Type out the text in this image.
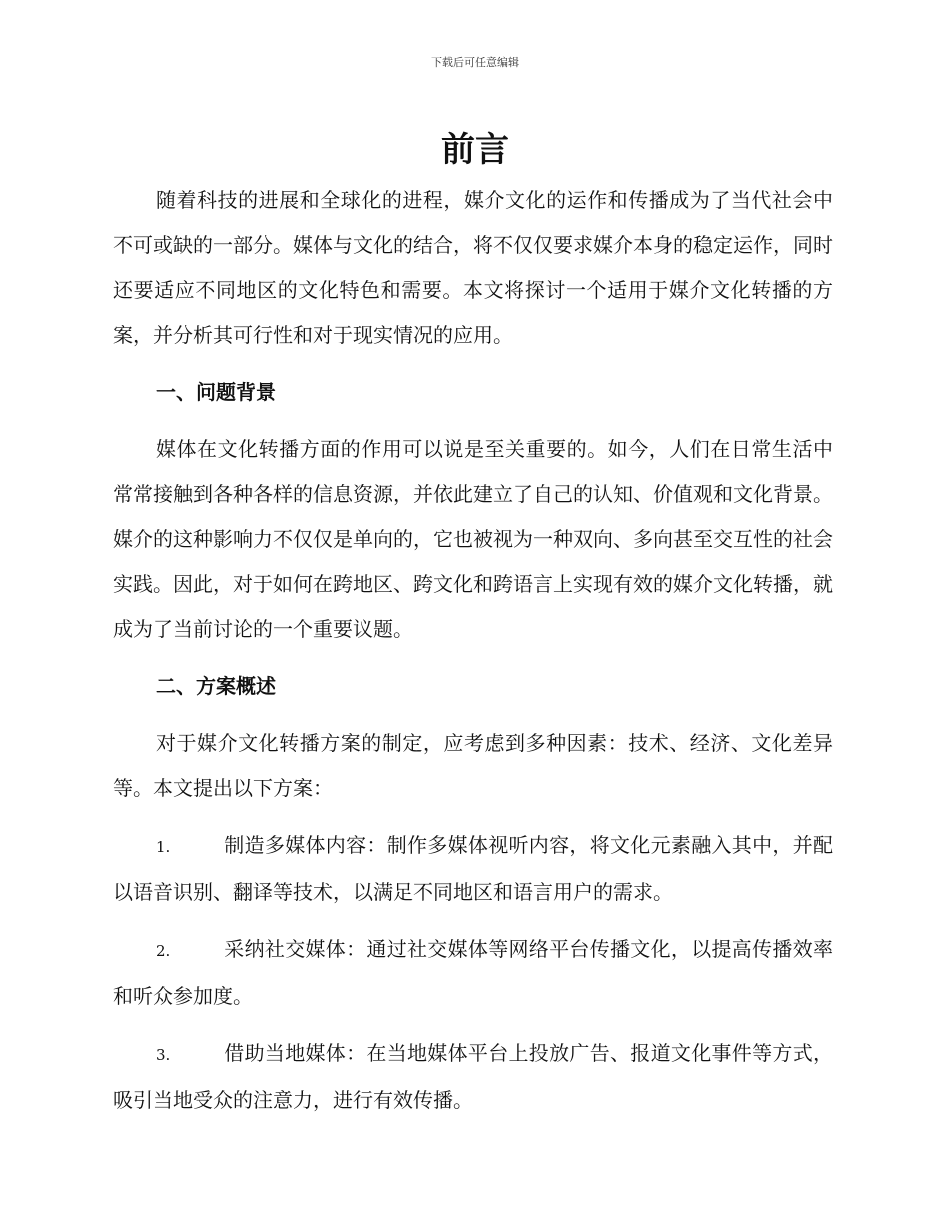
下载后可任意编辑
前言

随着科技的进展和全球化的进程，媒介文化的运作和传播成为了当代社会中不可或缺的一部分。媒体与文化的结合，将不仅仅要求媒介本身的稳定运作，同时还要适应不同地区的文化特色和需要。本文将探讨一个适用于媒介文化转播的方案，并分析其可行性和对于现实情况的应用。

一、问题背景

媒体在文化转播方面的作用可以说是至关重要的。如今，人们在日常生活中常常接触到各种各样的信息资源，并依此建立了自己的认知、价值观和文化背景。媒介的这种影响力不仅仅是单向的，它也被视为一种双向、多向甚至交互性的社会实践。因此，对于如何在跨地区、跨文化和跨语言上实现有效的媒介文化转播，就成为了当前讨论的一个重要议题。

二、方案概述

对于媒介文化转播方案的制定，应考虑到多种因素：技术、经济、文化差异等。本文提出以下方案：

1.	制造多媒体内容：制作多媒体视听内容，将文化元素融入其中，并配以语音识别、翻译等技术，以满足不同地区和语言用户的需求。

2.	采纳社交媒体：通过社交媒体等网络平台传播文化，以提高传播效率和听众参加度。

3.	借助当地媒体：在当地媒体平台上投放广告、报道文化事件等方式，吸引当地受众的注意力，进行有效传播。
